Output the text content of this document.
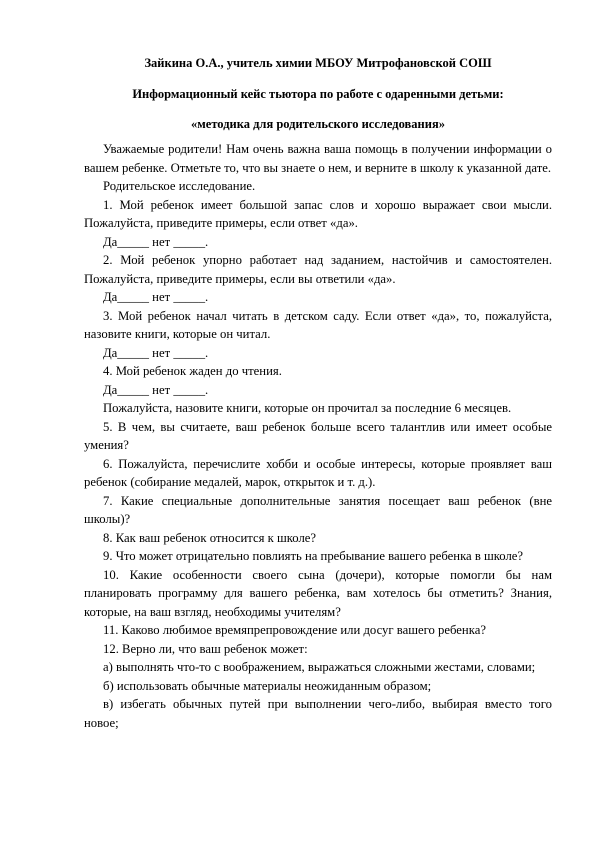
Зайкина О.А., учитель химии МБОУ Митрофановской СОШ
Информационный кейс тьютора по работе с одаренными детьми:
«методика для родительского исследования»

Уважаемые родители! Нам очень важна ваша помощь в получении информации о вашем ребенке. Отметьте то, что вы знаете о нем, и верните в школу к указанной дате.

Родительское исследование.

1. Мой ребенок имеет большой запас слов и хорошо выражает свои мысли. Пожалуйста, приведите примеры, если ответ «да».

Да_____ нет _____.

2. Мой ребенок упорно работает над заданием, настойчив и самостоятелен. Пожалуйста, приведите примеры, если вы ответили «да».

Да_____ нет _____.

3. Мой ребенок начал читать в детском саду. Если ответ «да», то, пожалуйста, назовите книги, которые он читал.

Да_____ нет _____.

4. Мой ребенок жаден до чтения.

Да_____ нет _____.

Пожалуйста, назовите книги, которые он прочитал за последние 6 месяцев.

5. В чем, вы считаете, ваш ребенок больше всего талантлив или имеет особые умения?

6. Пожалуйста, перечислите хобби и особые интересы, которые проявляет ваш ребенок (собирание медалей, марок, открыток и т. д.).

7. Какие специальные дополнительные занятия посещает ваш ребенок (вне школы)?

8. Как ваш ребенок относится к школе?

9. Что может отрицательно повлиять на пребывание вашего ребенка в школе?

10. Какие особенности своего сына (дочери), которые помогли бы нам планировать программу для вашего ребенка, вам хотелось бы отметить? Знания, которые, на ваш взгляд, необходимы учителям?

11. Каково любимое времяпрепровождение или досуг вашего ребенка?

12. Верно ли, что ваш ребенок может:

а) выполнять что-то с воображением, выражаться сложными жестами, словами;

б) использовать обычные материалы неожиданным образом;

в) избегать обычных путей при выполнении чего-либо, выбирая вместо того новое;
